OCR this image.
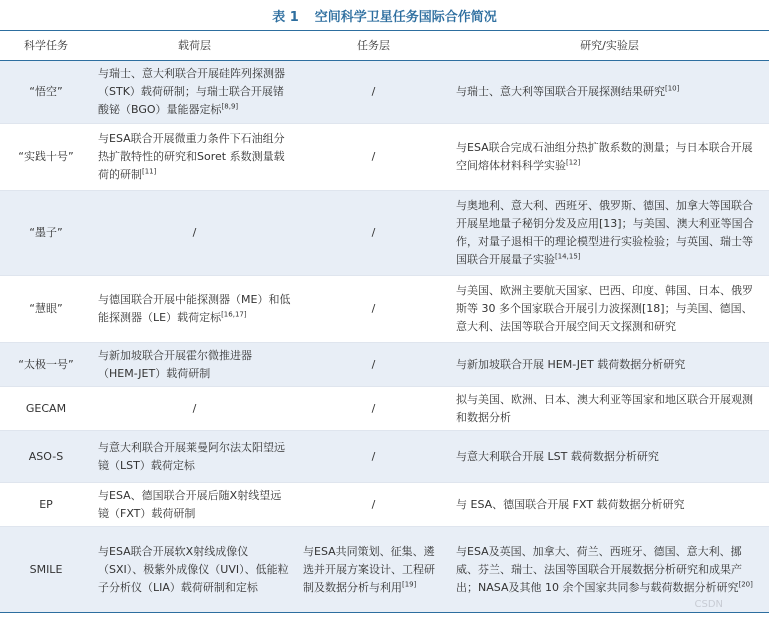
表 1 空间科学卫星任务国际合作简况
科学任务	载荷层	任务层	研究/实验层
“悟空”	与瑞士、意大利联合开展硅阵列探测器（STK）载荷研制；与瑞士联合开展锗酸铋（BGO）量能器定标[8,9]	/	与瑞士、意大利等国联合开展探测结果研究[10]
“实践十号”	与ESA联合开展微重力条件下石油组分热扩散特性的研究和Soret 系数测量载荷的研制[11]	/	与ESA联合完成石油组分热扩散系数的测量；与日本联合开展空间熔体材料科学实验[12]
“墨子”	/	/	与奥地利、意大利、西班牙、俄罗斯、德国、加拿大等国联合开展星地量子秘钥分发及应用[13]；与美国、澳大利亚等国合作，对量子退相干的理论模型进行实验检验；与英国、瑞士等国联合开展量子实验[14,15]
“慧眼”	与德国联合开展中能探测器（ME）和低能探测器（LE）载荷定标[16,17]	/	与美国、欧洲主要航天国家、巴西、印度、韩国、日本、俄罗斯等 30 多个国家联合开展引力波探测[18]；与美国、德国、意大利、法国等联合开展空间天文探测和研究
“太极一号”	与新加坡联合开展霍尔微推进器（HEM-JET）载荷研制	/	与新加坡联合开展 HEM-JET 载荷数据分析研究
GECAM	/	/	拟与美国、欧洲、日本、澳大利亚等国家和地区联合开展观测和数据分析
ASO-S	与意大利联合开展莱曼阿尔法太阳望远镜（LST）载荷定标	/	与意大利联合开展 LST 载荷数据分析研究
EP	与ESA、德国联合开展后随X射线望远镜（FXT）载荷研制	/	与 ESA、德国联合开展 FXT 载荷数据分析研究
SMILE	与ESA联合开展软X射线成像仪（SXI）、极紫外成像仪（UVI）、低能粒子分析仪（LIA）载荷研制和定标	与ESA共同策划、征集、遴选并开展方案设计、工程研制及数据分析与利用[19]	与ESA及英国、加拿大、荷兰、西班牙、德国、意大利、挪威、芬兰、瑞士、法国等国联合开展数据分析研究和成果产出；NASA及其他 10 余个国家共同参与载荷数据分析研究[20]
CSDN
